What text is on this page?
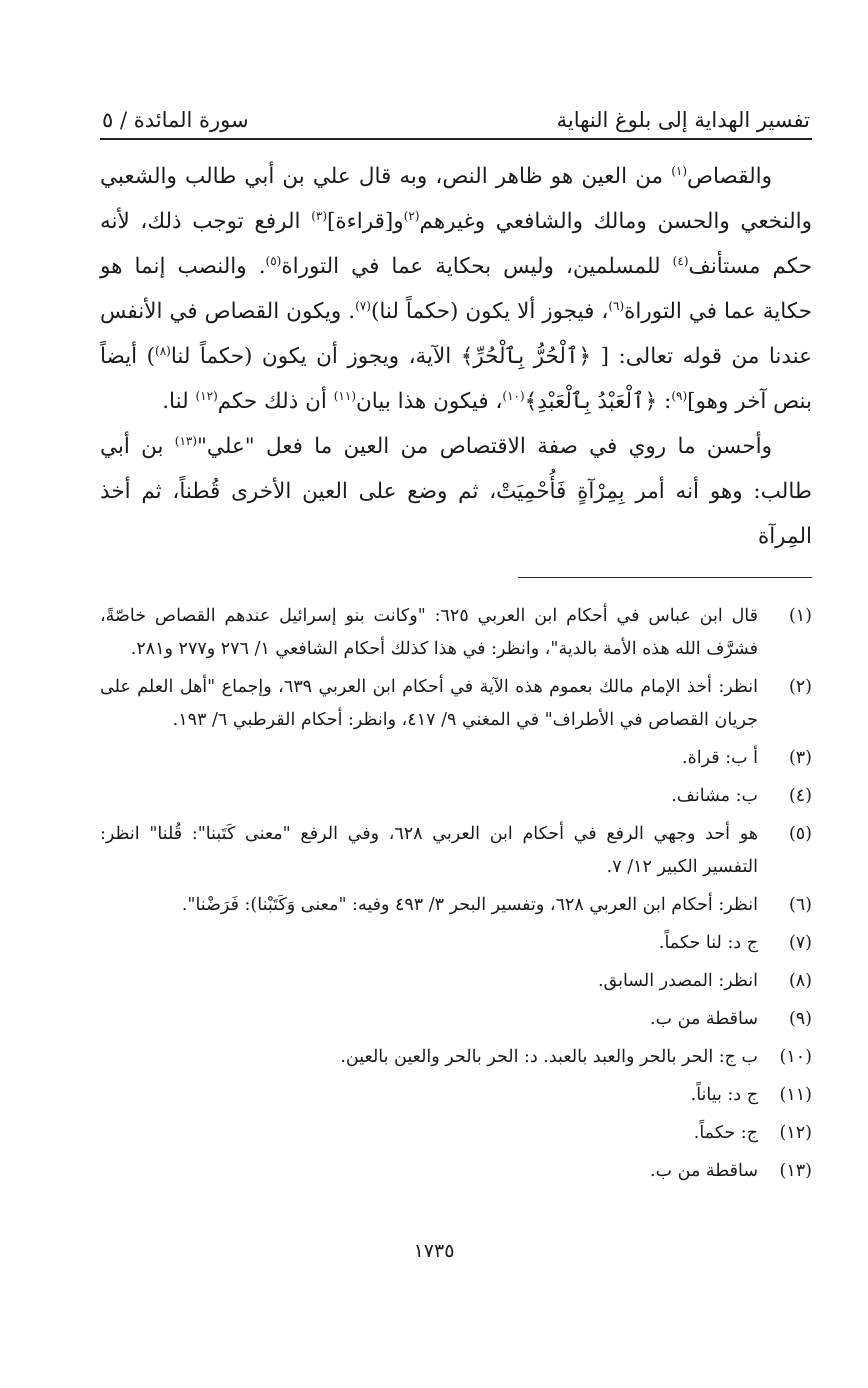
تفسير الهداية إلى بلوغ النهاية
سورة المائدة / ٥

والقصاص$^{(١)}$ من العين هو ظاهر النص، وبه قال علي بن أبي طالب والشعبي والنخعي والحسن ومالك والشافعي وغيرهم$^{(٢)}$و[قراءة]$^{(٣)}$ الرفع توجب ذلك، لأنه حكم مستأنف$^{(٤)}$ للمسلمين، وليس بحكاية عما في التوراة$^{(٥)}$. والنصب إنما هو حكاية عما في التوراة$^{(٦)}$، فيجوز ألا يكون (حكماً لنا)$^{(٧)}$. ويكون القصاص في الأنفس عندنا من قوله تعالى: [ ﴿ٱلْحُرُّ بِٱلْحُرِّ﴾ الآية، ويجوز أن يكون (حكماً لنا$^{(٨)}$) أيضاً بنص آخر وهو]$^{(٩)}$: ﴿ٱلْعَبْدُ بِٱلْعَبْدِ﴾$^{(١٠)}$، فيكون هذا بيان$^{(١١)}$ أن ذلك حكم$^{(١٢)}$ لنا.

وأحسن ما روي في صفة الاقتصاص من العين ما فعل "علي"$^{(١٣)}$ بن أبي طالب: وهو أنه أمر بِمِرْآةٍ فَأُحْمِيَتْ، ثم وضع على العين الأخرى قُطناً، ثم أخذ المِرآة

(١)
قال ابن عباس في أحكام ابن العربي ٦٢٥: "وكانت بنو إسرائيل عندهم القصاص خاصّةً، فشرَّف الله هذه الأمة بالدية"، وانظر: في هذا كذلك أحكام الشافعي ١/ ٢٧٦ و٢٧٧ و٢٨١.
(٢)
انظر: أخذ الإمام مالك بعموم هذه الآية في أحكام ابن العربي ٦٣٩، وإجماع "أهل العلم على جريان القصاص في الأطراف" في المغني ٩/ ٤١٧، وانظر: أحكام القرطبي ٦/ ١٩٣.
(٣)
أ ب: قراة.
(٤)
ب: مشانف.
(٥)
هو أحد وجهي الرفع في أحكام ابن العربي ٦٢٨، وفي الرفع "معنى كَتَبنا": قُلنا" انظر: التفسير الكبير ١٢/ ٧.
(٦)
انظر: أحكام ابن العربي ٦٢٨، وتفسير البحر ٣/ ٤٩٣ وفيه: "معنى وَكَتَبْنا): فَرَضْنا".
(٧)
ج د: لنا حكماً.
(٨)
انظر: المصدر السابق.
(٩)
ساقطة من ب.
(١٠)
ب ج: الحر بالحر والعبد بالعبد. د: الحر بالحر والعين بالعين.
(١١)
ج د: بياناً.
(١٢)
ج: حكماً.
(١٣)
ساقطة من ب.
١٧٣٥
